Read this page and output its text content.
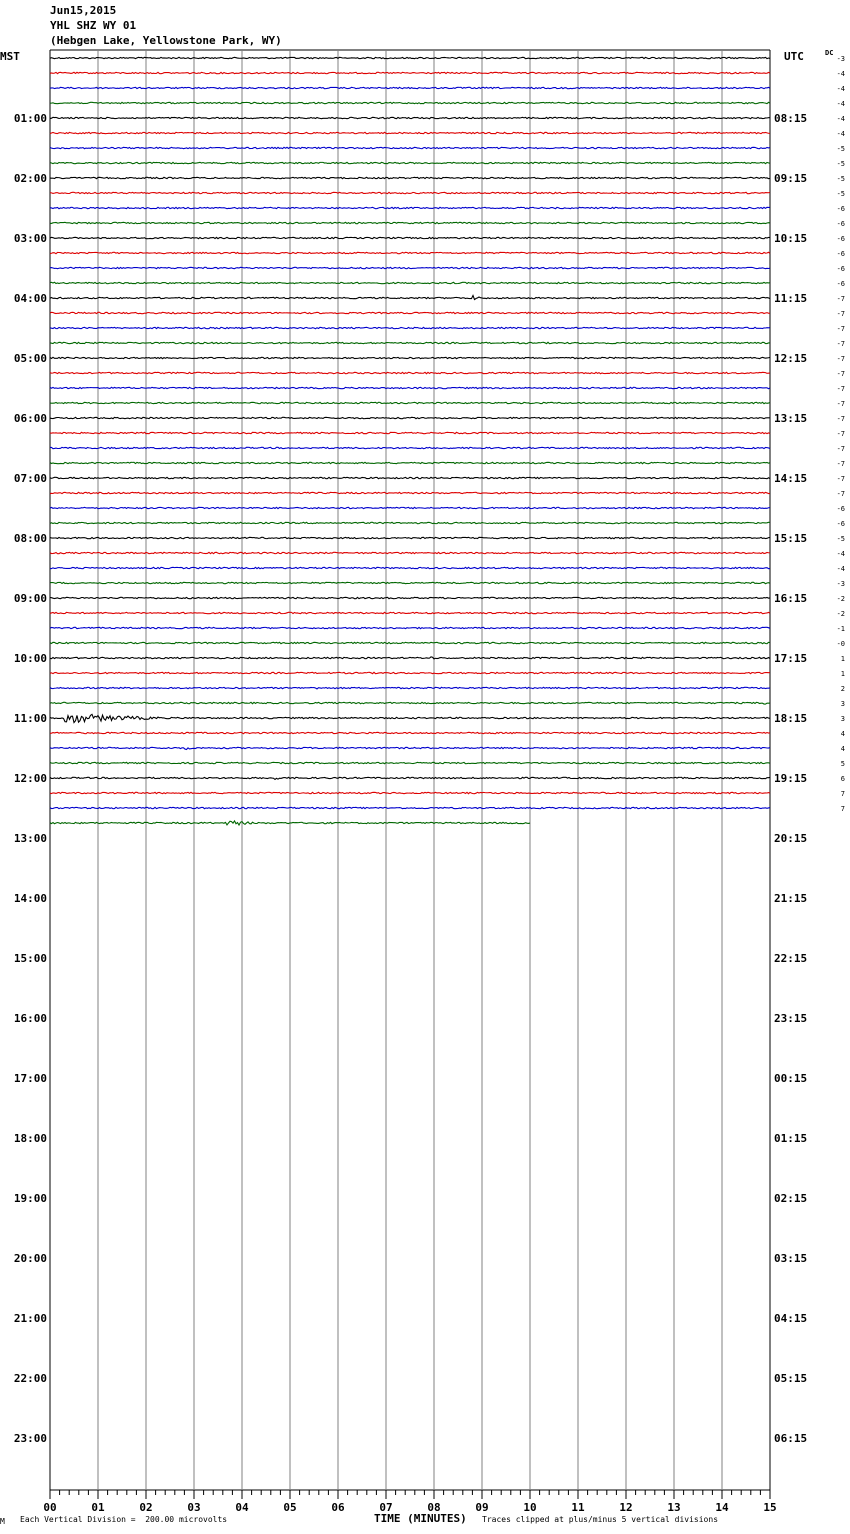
Jun15,2015
YHL SHZ WY 01
(Hebgen Lake, Yellowstone Park, WY)
MST	UTC	DC
00	01	02	03	04	05	06	07	08	09	10	11	12	13	14	15
01:00
02:00
03:00
04:00
05:00
06:00
07:00
08:00
09:00
10:00
11:00
12:00
13:00
14:00
15:00
16:00
17:00
18:00
19:00
20:00
21:00
22:00
23:00
08:15
09:15
10:15
11:15
12:15
13:15
14:15
15:15
16:15
17:15
18:15
19:15
20:15
21:15
22:15
23:15
00:15
01:15
02:15
03:15
04:15
05:15
06:15
-3
-4
-4
-4
-4
-4
-5
-5
-5
-5
-6
-6
-6
-6
-6
-6
-7
-7
-7
-7
-7
-7
-7
-7
-7
-7
-7
-7
-7
-7
-6
-6
-5
-4
-4
-3
-2
-2
-1
-0
1
1
2
3
3
4
4
5
6
7
7
M Each Vertical Division =  200.00 microvolts	TIME (MINUTES) Traces clipped at plus/minus 5 vertical divisions
